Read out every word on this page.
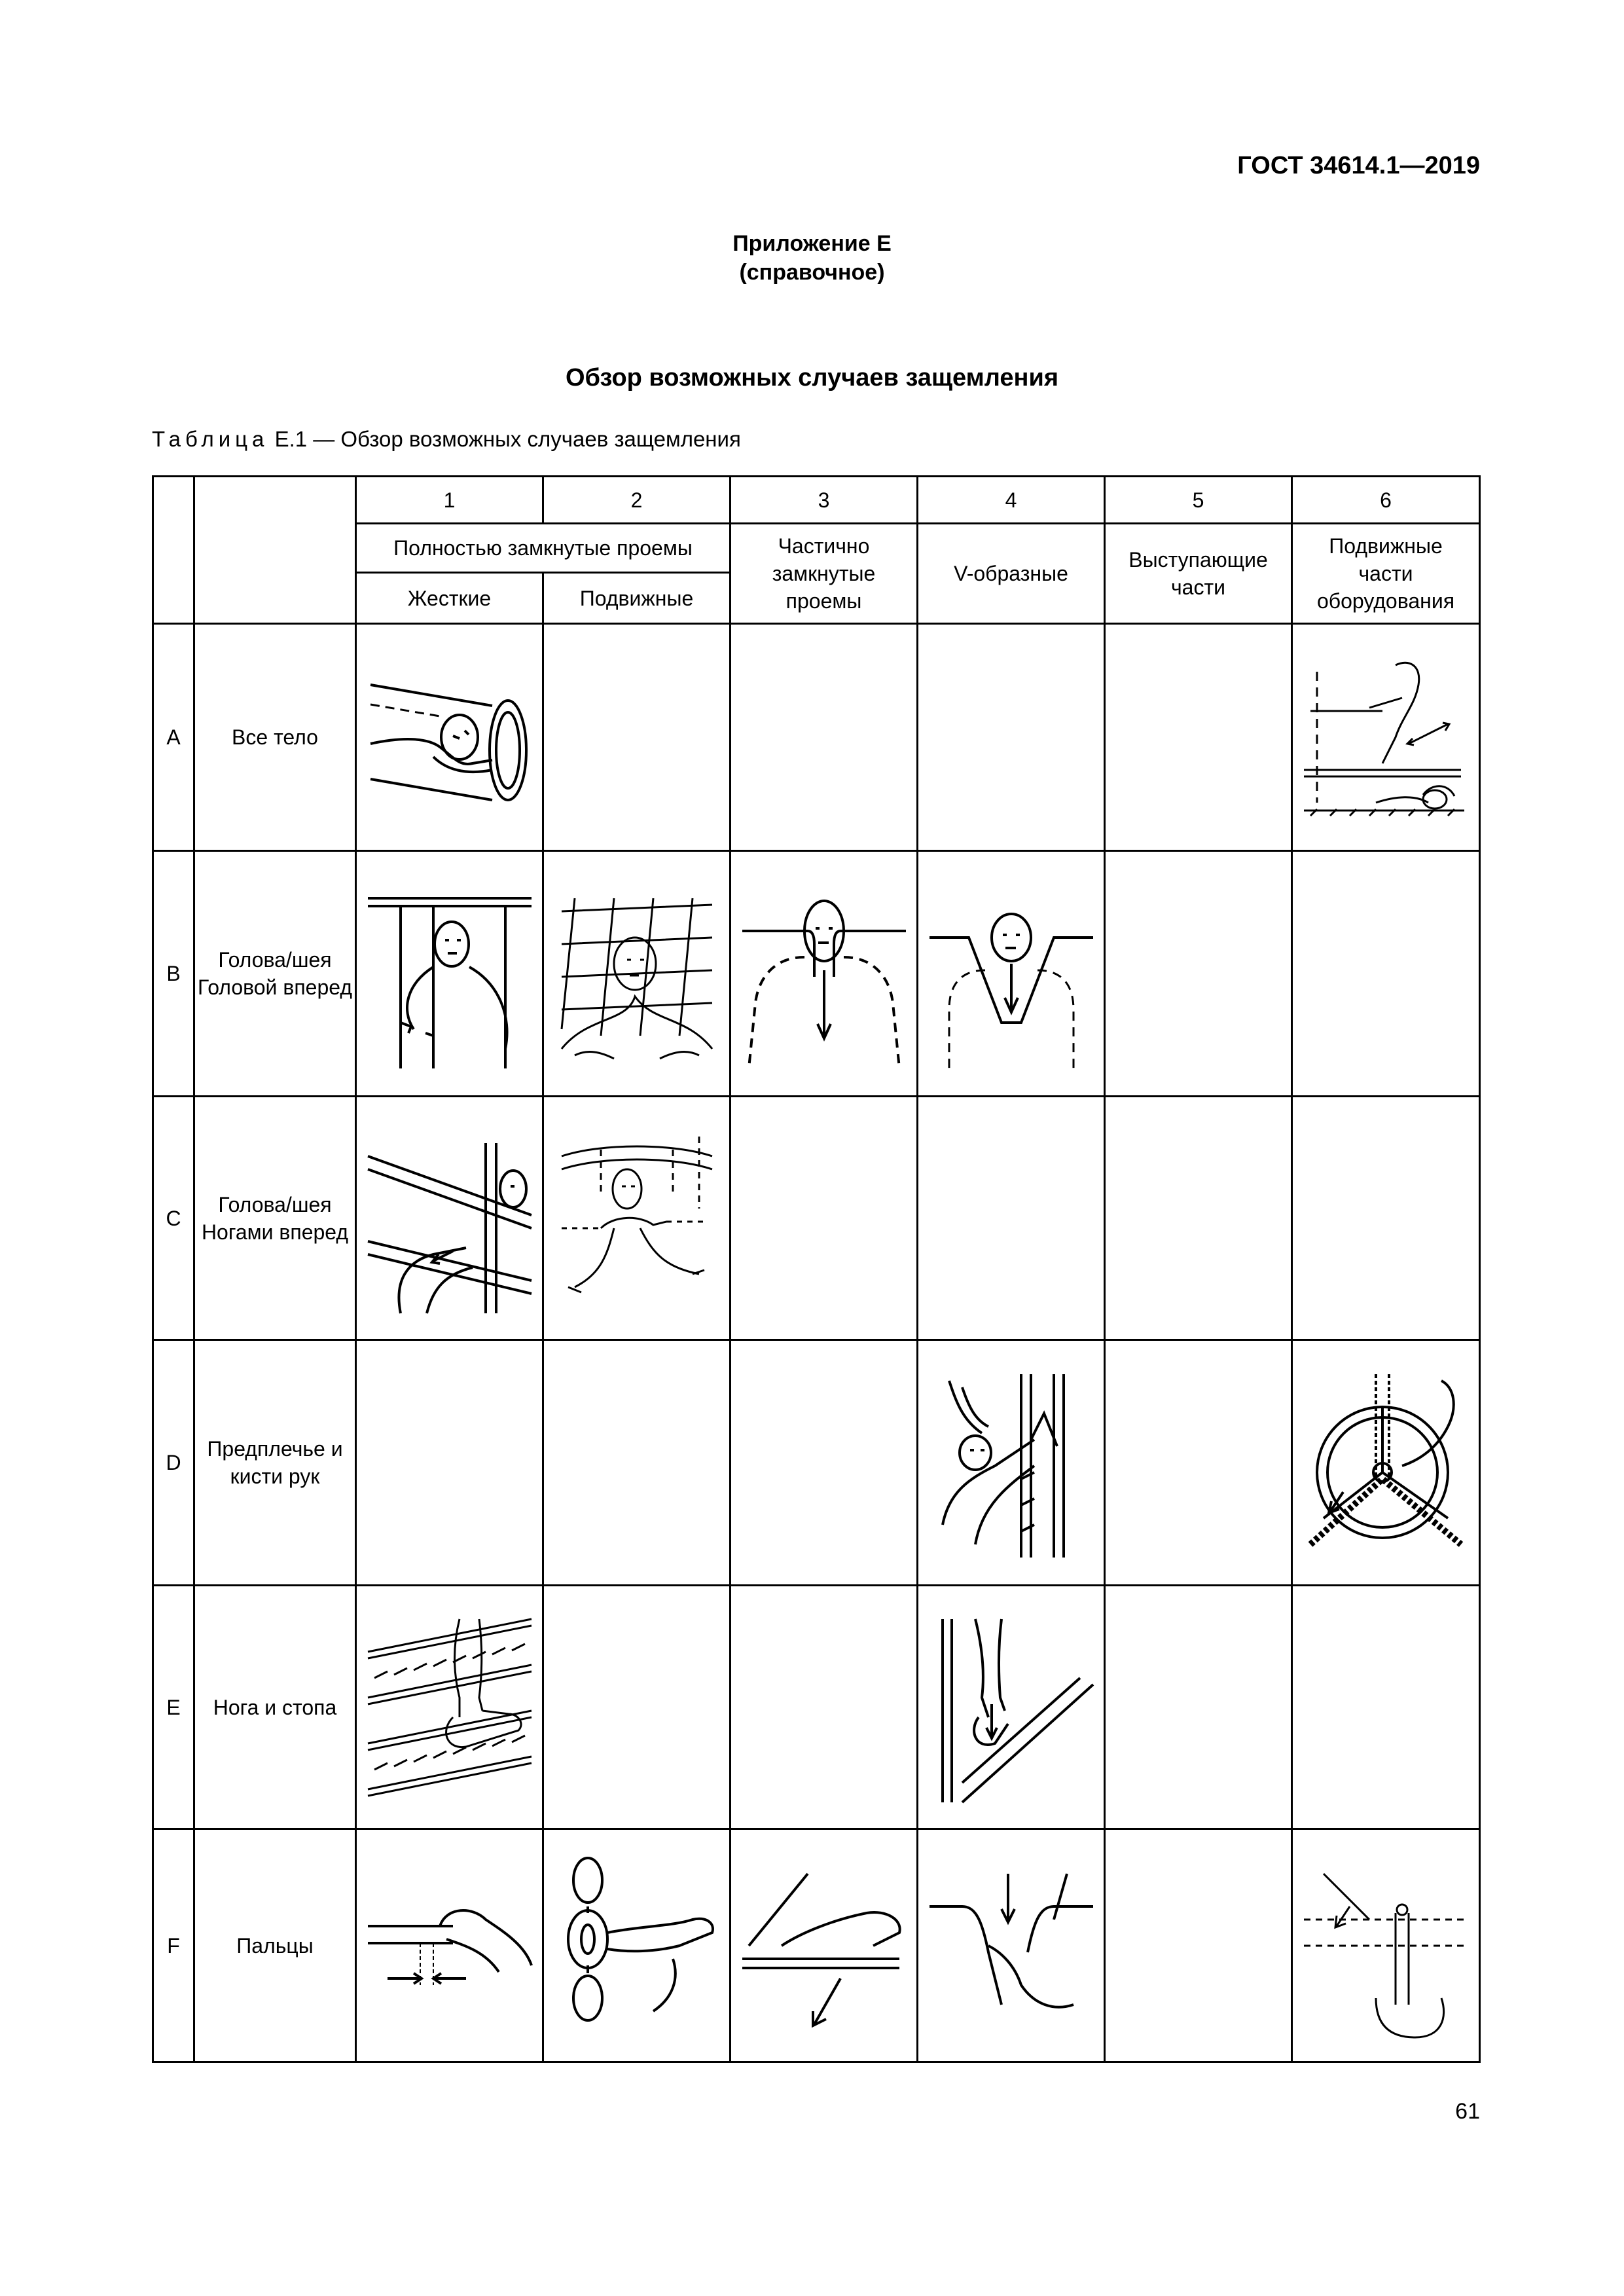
ГОСТ 34614.1—2019
Приложение Е
(справочное)
Обзор возможных случаев защемления
Таблица Е.1 — Обзор возможных случаев защемления
		1	2	3	4	5	6
		Полностью замкнутые проемы		Частично замкнутые проемы	V-образные	Выступающие части	Подвижные части оборудования

		Жесткие	Подвижные				
A	Все тело	

B	Голова/шея Головой вперед	

C	Голова/шея Ногами вперед	

D	Предплечье и кисти рук				

E	Нога и стопа	

F	Пальцы	

61
